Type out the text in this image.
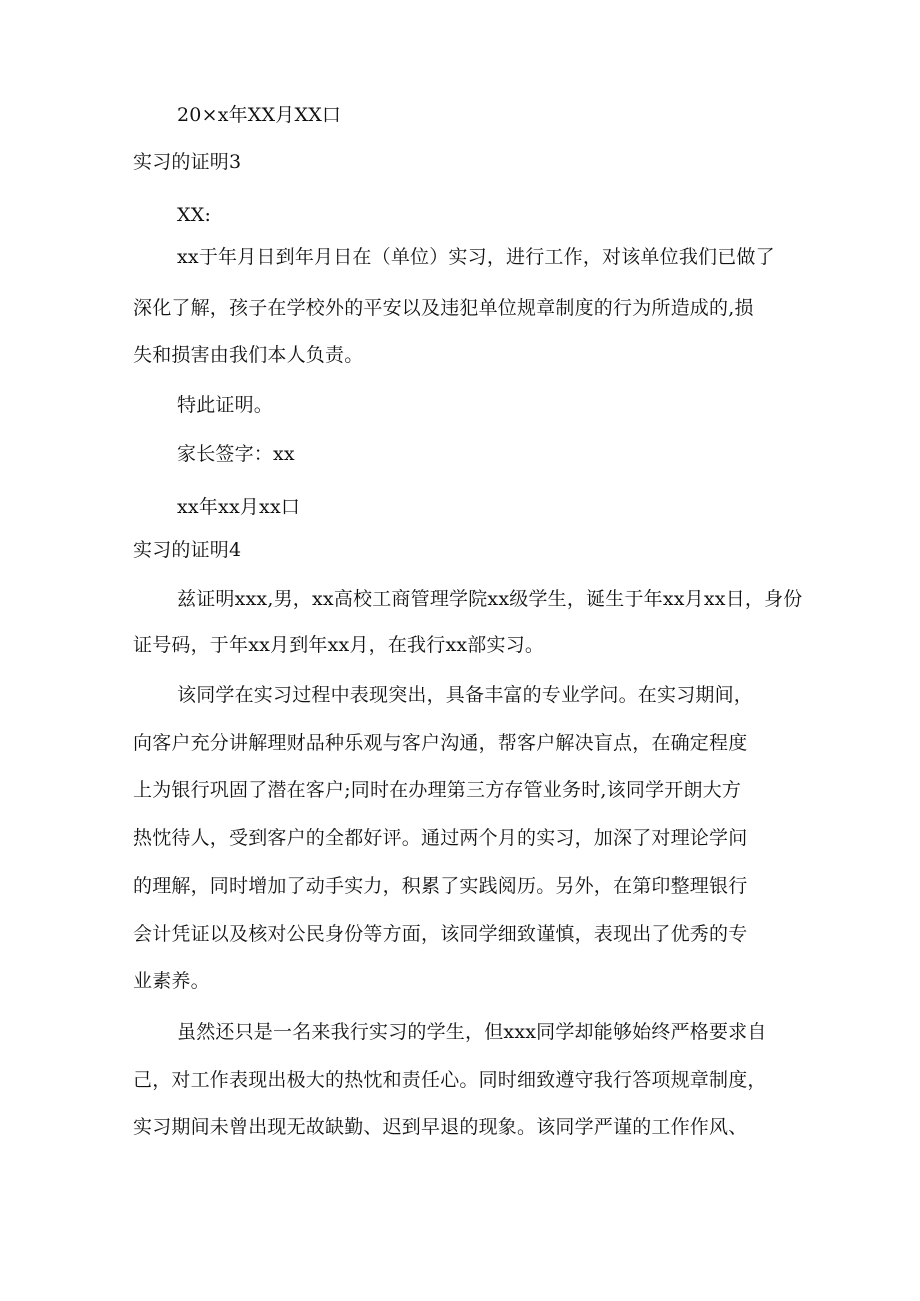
20×x年XX月XX口
实习的证明3
XX:
xx于年月日到年月日在（单位）实习，进行工作，对该单位我们已做了
深化了解，孩子在学校外的平安以及违犯单位规章制度的行为所造成的,损
失和损害由我们本人负责。
特此证明。
家长签字：xx
xx年xx月xx口
实习的证明4
兹证明xxx,男，xx高校工商管理学院xx级学生，诞生于年xx月xx日，身份
证号码，于年xx月到年xx月，在我行xx部实习。
该同学在实习过程中表现突出，具备丰富的专业学问。在实习期间，
向客户充分讲解理财品种乐观与客户沟通，帮客户解决盲点，在确定程度
上为银行巩固了潜在客户;同时在办理第三方存管业务时,该同学开朗大方
热忱待人，受到客户的全都好评。通过两个月的实习，加深了对理论学问
的理解，同时增加了动手实力，积累了实践阅历。另外，在第印整理银行
会计凭证以及核对公民身份等方面，该同学细致谨慎，表现出了优秀的专
业素养。
虽然还只是一名来我行实习的学生，但xxx同学却能够始终严格要求自
己，对工作表现出极大的热忱和责任心。同时细致遵守我行答项规章制度，
实习期间未曾出现无故缺勤、迟到早退的现象。该同学严谨的工作作风、
